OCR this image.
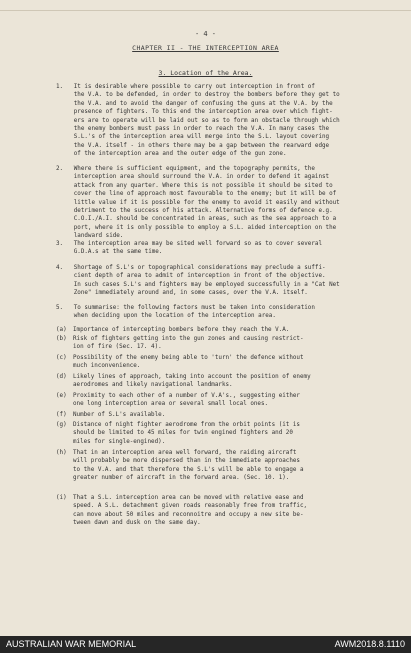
- 4 -
CHAPTER II - THE INTERCEPTION AREA
3. Location of the Area.
1.   It is desirable where possible to carry out interception in front of
the V.A. to be defended, in order to destroy the bombers before they get to
the V.A. and to avoid the danger of confusing the guns at the V.A. by the
presence of fighters. To this end the interception area over which fight-
ers are to operate will be laid out so as to form an obstacle through which
the enemy bombers must pass in order to reach the V.A. In many cases the
S.L.'s of the interception area will merge into the S.L. layout covering
the V.A. itself - in others there may be a gap between the rearward edge
of the interception area and the outer edge of the gun zone.
2.   Where there is sufficient equipment, and the topography permits, the
interception area should surround the V.A. in order to defend it against
attack from any quarter. Where this is not possible it should be sited to
cover the line of approach most favourable to the enemy; but it will be of
little value if it is possible for the enemy to avoid it easily and without
detriment to the success of his attack. Alternative forms of defence e.g.
C.O.I./A.I. should be concentrated in areas, such as the sea approach to a
port, where it is only possible to employ a S.L. aided interception on the
landward side.
3.   The interception area may be sited well forward so as to cover several
G.D.A.s at the same time.
4.   Shortage of S.L's or topographical considerations may preclude a suffi-
cient depth of area to admit of interception in front of the objective.
In such cases S.L's and fighters may be employed successfully in a "Cat Net
Zone" immediately around and, in some cases, over the V.A. itself.
5.   To summarise: the following factors must be taken into consideration
when deciding upon the location of the interception area.
(a) Importance of intercepting bombers before they reach the V.A.
(b) Risk of fighters getting into the gun zones and causing restrict-
ion of fire (Sec. 17. 4).
(c) Possibility of the enemy being able to 'turn' the defence without
much inconvenience.
(d) Likely lines of approach, taking into account the position of enemy
aerodromes and likely navigational landmarks.
(e) Proximity to each other of a number of V.A's., suggesting either
one long interception area or several small local ones.
(f) Number of S.L's available.
(g) Distance of night fighter aerodrome from the orbit points (it is
should be limited to 45 miles for twin engined fighters and 20
miles for single-engined).
(h) That in an interception area well forward, the raiding aircraft
will probably be more dispersed than in the immediate approaches
to the V.A. and that therefore the S.L's will be able to engage a
greater number of aircraft in the forward area. (Sec. 10. 1).
(i) That a S.L. interception area can be moved with relative ease and
speed. A S.L. detachment given roads reasonably free from traffic,
can move about 50 miles and reconnoitre and occupy a new site be-
tween dawn and dusk on the same day.
AUSTRALIAN WAR MEMORIAL	AWM2018.8.1110
